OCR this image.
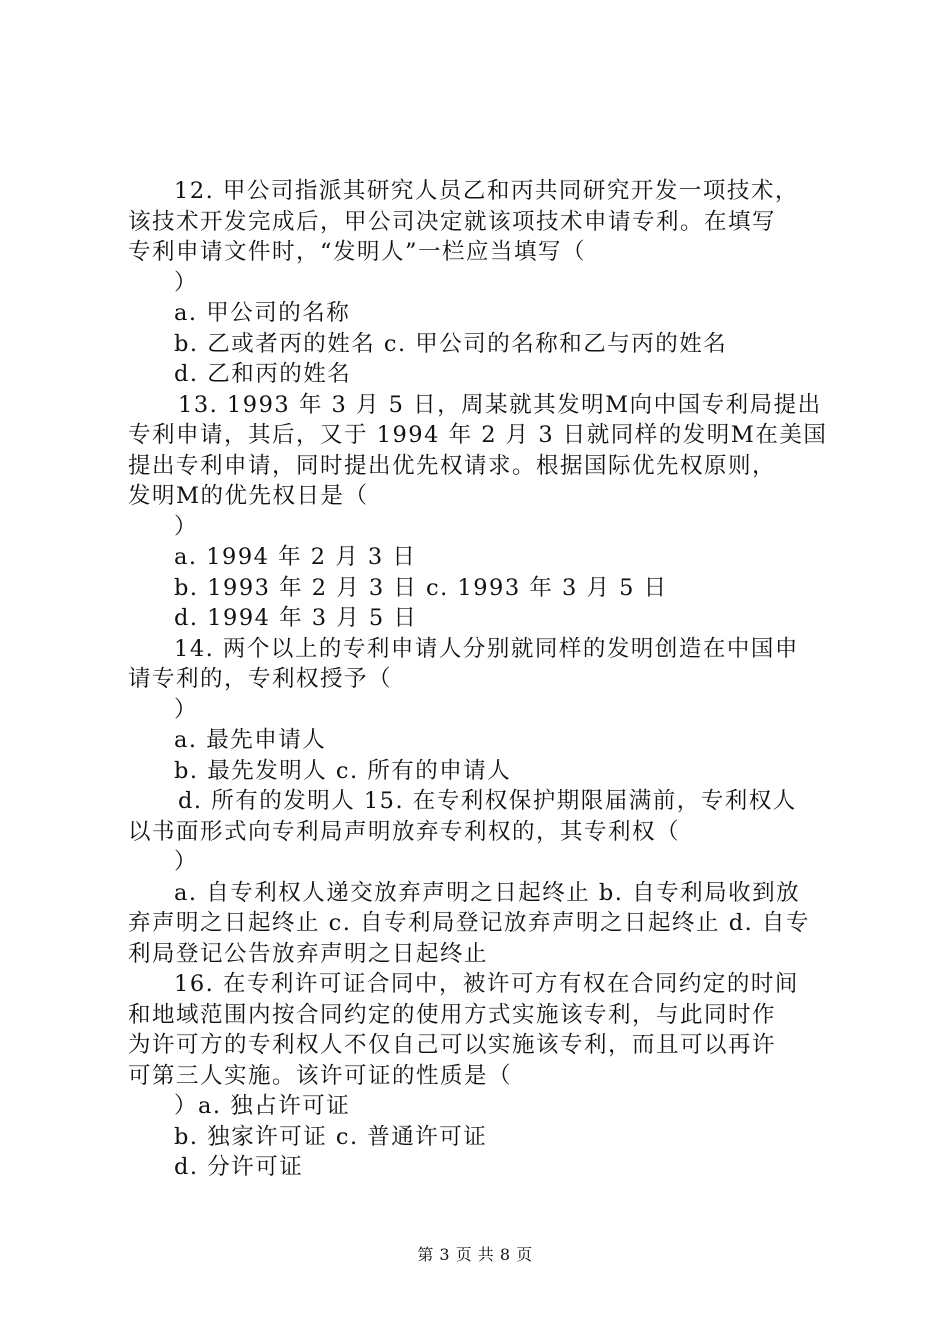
12. 甲公司指派其研究人员乙和丙共同研究开发一项技术，

该技术开发完成后，甲公司决定就该项技术申请专利。在填写

专利申请文件时，“发明人”一栏应当填写（

）

a. 甲公司的名称

b. 乙或者丙的姓名 c. 甲公司的名称和乙与丙的姓名

d. 乙和丙的姓名

13. 1993 年 3 月 5 日，周某就其发明M向中国专利局提出

专利申请，其后，又于 1994 年 2 月 3 日就同样的发明M在美国

提出专利申请，同时提出优先权请求。根据国际优先权原则，

发明M的优先权日是（

）

a. 1994 年 2 月 3 日

b. 1993 年 2 月 3 日 c. 1993 年 3 月 5 日

d. 1994 年 3 月 5 日

14. 两个以上的专利申请人分别就同样的发明创造在中国申

请专利的，专利权授予（

）

a. 最先申请人

b. 最先发明人 c. 所有的申请人

d. 所有的发明人 15. 在专利权保护期限届满前，专利权人

以书面形式向专利局声明放弃专利权的，其专利权（

）

a. 自专利权人递交放弃声明之日起终止 b. 自专利局收到放

弃声明之日起终止 c. 自专利局登记放弃声明之日起终止 d. 自专

利局登记公告放弃声明之日起终止

16. 在专利许可证合同中，被许可方有权在合同约定的时间

和地域范围内按合同约定的使用方式实施该专利，与此同时作

为许可方的专利权人不仅自己可以实施该专利，而且可以再许

可第三人实施。该许可证的性质是（

）a. 独占许可证

b. 独家许可证 c. 普通许可证

d. 分许可证

第 3 页 共 8 页
